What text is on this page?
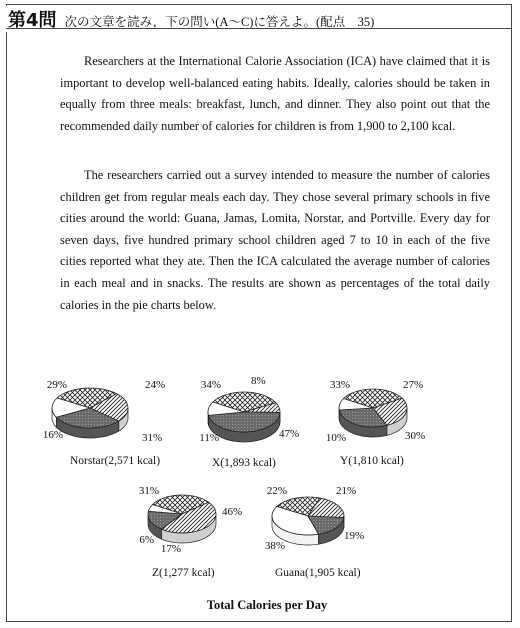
第4問 次の文章を読み，下の問い(A～C)に答えよ。(配点　35)

Researchers at the International Calorie Association (ICA) have claimed that it is important to develop well-balanced eating habits. Ideally, calories should be taken in equally from three meals: breakfast, lunch, and dinner. They also point out that the recommended daily number of calories for children is from 1,900 to 2,100 kcal.

The researchers carried out a survey intended to measure the number of calories children get from regular meals each day. They chose several primary schools in five cities around the world: Guana, Jamas, Lomita, Norstar, and Portville. Every day for seven days, five hundred primary school children aged 7 to 10 in each of the five cities reported what they ate. Then the ICA calculated the average number of calories in each meal and in snacks. The results are shown as percentages of the total daily calories in the pie charts below.

29%	24%
31%
16%
Norstar(2,571 kcal)
34%	8%
47%
11%
X(1,893 kcal)
33%	27%
30%
10%
Y(1,810 kcal)
31%
46%
17%
6%
Z(1,277 kcal)
22%	21%
19%
38%
Guana(1,905 kcal)
Total Calories per Day
